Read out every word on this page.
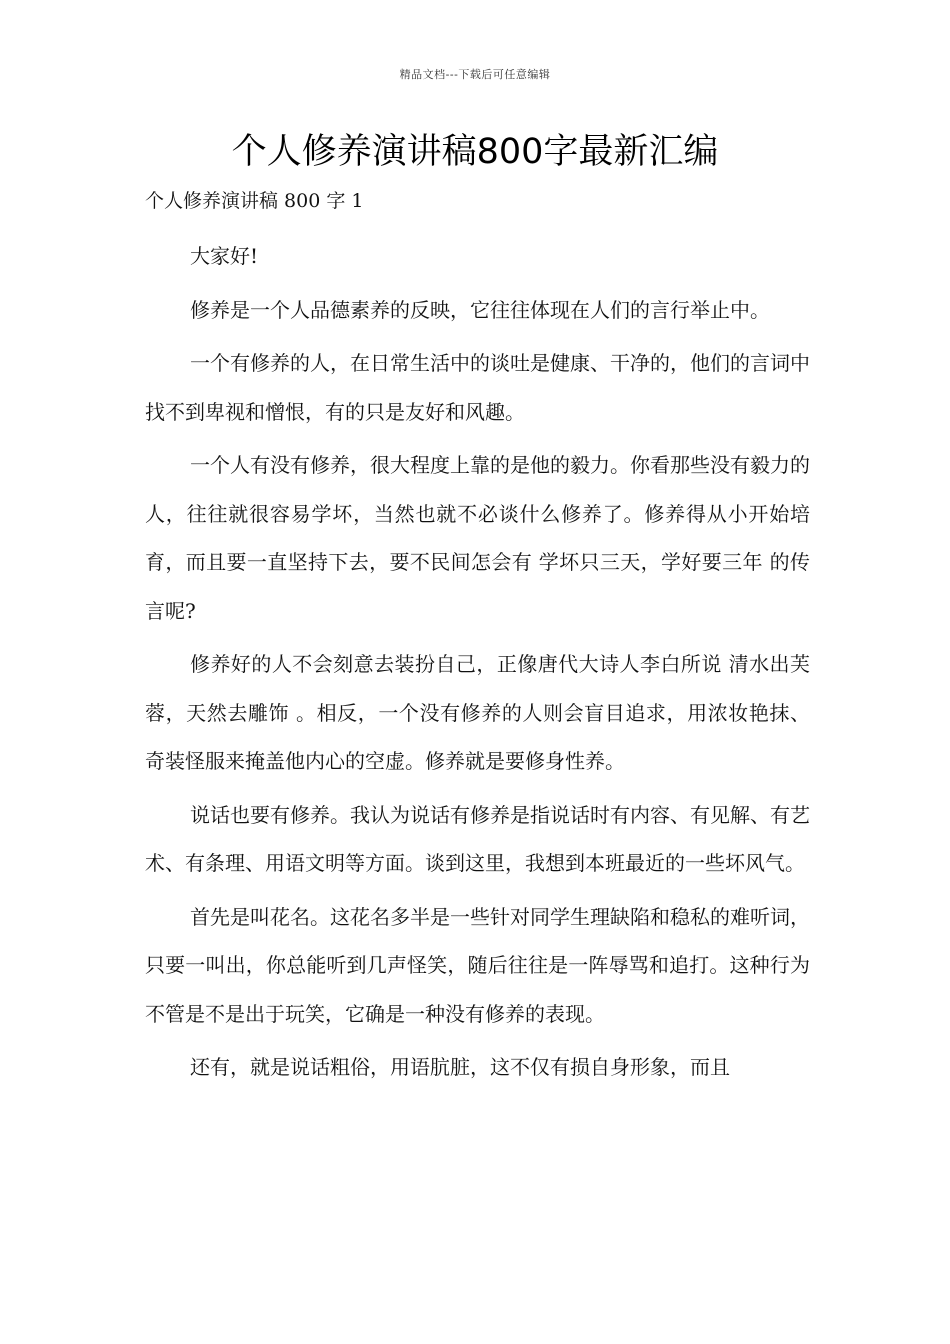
精品文档---下载后可任意编辑
个人修养演讲稿800字最新汇编

个人修养演讲稿 800 字 1

大家好!

修养是一个人品德素养的反映，它往往体现在人们的言行举止中。

一个有修养的人，在日常生活中的谈吐是健康、干净的，他们的言词中找不到卑视和憎恨，有的只是友好和风趣。

一个人有没有修养，很大程度上靠的是他的毅力。你看那些没有毅力的人，往往就很容易学坏，当然也就不必谈什么修养了。修养得从小开始培育，而且要一直坚持下去，要不民间怎会有 学坏只三天，学好要三年 的传言呢?

修养好的人不会刻意去装扮自己，正像唐代大诗人李白所说 清水出芙蓉，天然去雕饰 。相反，一个没有修养的人则会盲目追求，用浓妆艳抹、奇装怪服来掩盖他内心的空虚。修养就是要修身性养。

说话也要有修养。我认为说话有修养是指说话时有内容、有见解、有艺术、有条理、用语文明等方面。谈到这里，我想到本班最近的一些坏风气。

首先是叫花名。这花名多半是一些针对同学生理缺陷和稳私的难听词，只要一叫出，你总能听到几声怪笑，随后往往是一阵辱骂和追打。这种行为不管是不是出于玩笑，它确是一种没有修养的表现。

还有，就是说话粗俗，用语肮脏，这不仅有损自身形象，而且
